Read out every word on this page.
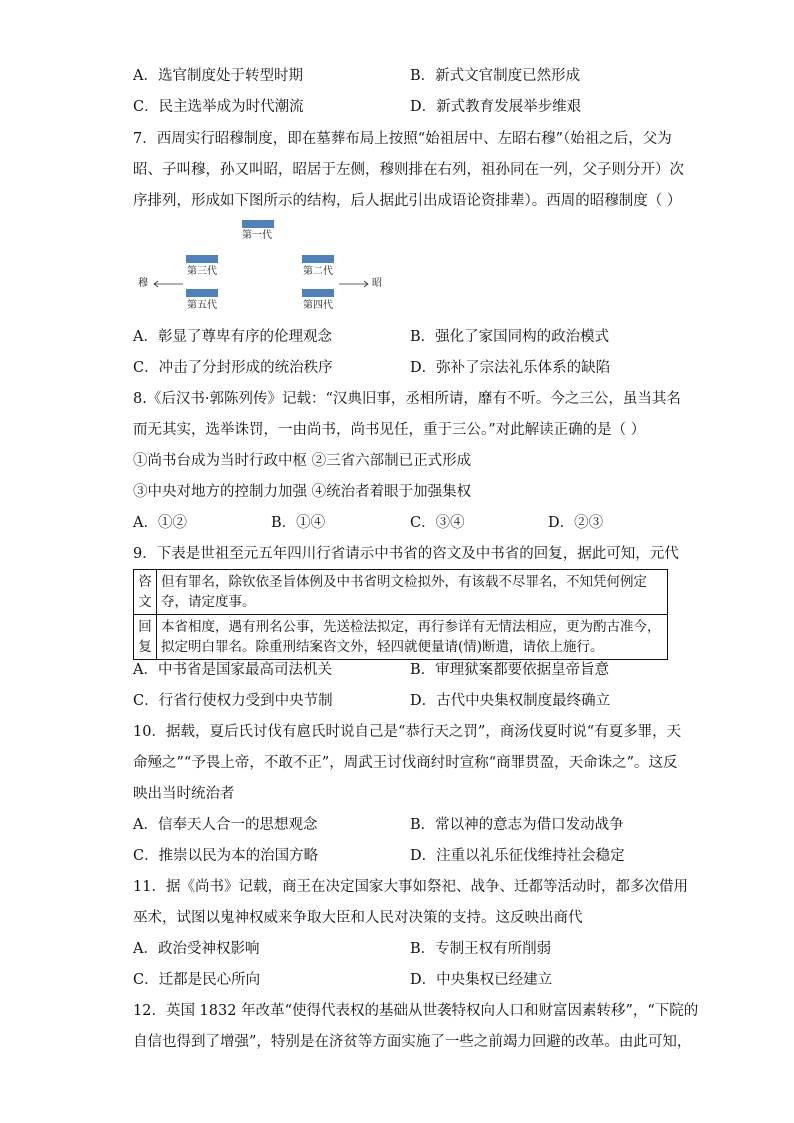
A．选官制度处于转型时期	B．新式文官制度已然形成
C．民主选举成为时代潮流	D．新式教育发展举步维艰
7．西周实行昭穆制度，即在墓葬布局上按照“始祖居中、左昭右穆”（始祖之后，父为
昭、子叫穆，孙又叫昭，昭居于左侧，穆则排在右列，祖孙同在一列，父子则分开）次
序排列，形成如下图所示的结构，后人据此引出成语论资排辈）。西周的昭穆制度（ ）
第一代
第三代	第二代
第五代	第四代
穆	昭
A．彰显了尊卑有序的伦理观念	B．强化了家国同构的政治模式
C．冲击了分封形成的统治秩序	D．弥补了宗法礼乐体系的缺陷
8.《后汉书·郭陈列传》记载：“汉典旧事，丞相所请，靡有不听。今之三公，虽当其名
而无其实，选举诛罚，一由尚书，尚书见任，重于三公。”对此解读正确的是（ ）
①尚书台成为当时行政中枢 ②三省六部制已正式形成
③中央对地方的控制力加强 ④统治者着眼于加强集权
A．①②	B．①④	C．③④	D．②③
9．下表是世祖至元五年四川行省请示中书省的咨文及中书省的回复，据此可知，元代
咨文	但有罪名，除钦依圣旨体例及中书省明文检拟外，有该载不尽罪名，不知凭何例定夺，请定度事。
回复	本省相度，遇有刑名公事，先送检法拟定，再行参详有无情法相应，更为酌古准今，拟定明白罪名。除重刑结案咨文外，轻四就便量请(情)断遣，请依上施行。
A．中书省是国家最高司法机关	B．审理狱案都要依据皇帝旨意
C．行省行使权力受到中央节制	D．古代中央集权制度最终确立
10．据载，夏后氏讨伐有扈氏时说自己是“恭行天之罚”，商汤伐夏时说“有夏多罪，天
命殛之”“予畏上帝，不敢不正”，周武王讨伐商纣时宣称“商罪贯盈，天命诛之”。这反
映出当时统治者
A．信奉天人合一的思想观念	B．常以神的意志为借口发动战争
C．推崇以民为本的治国方略	D．注重以礼乐征伐维持社会稳定
11．据《尚书》记载，商王在决定国家大事如祭祀、战争、迁都等活动时，都多次借用
巫术，试图以鬼神权威来争取大臣和人民对决策的支持。这反映出商代
A．政治受神权影响	B．专制王权有所削弱
C．迁都是民心所向	D．中央集权已经建立
12．英国 1832 年改革“使得代表权的基础从世袭特权向人口和财富因素转移”，“下院的
自信也得到了增强”，特别是在济贫等方面实施了一些之前竭力回避的改革。由此可知，
